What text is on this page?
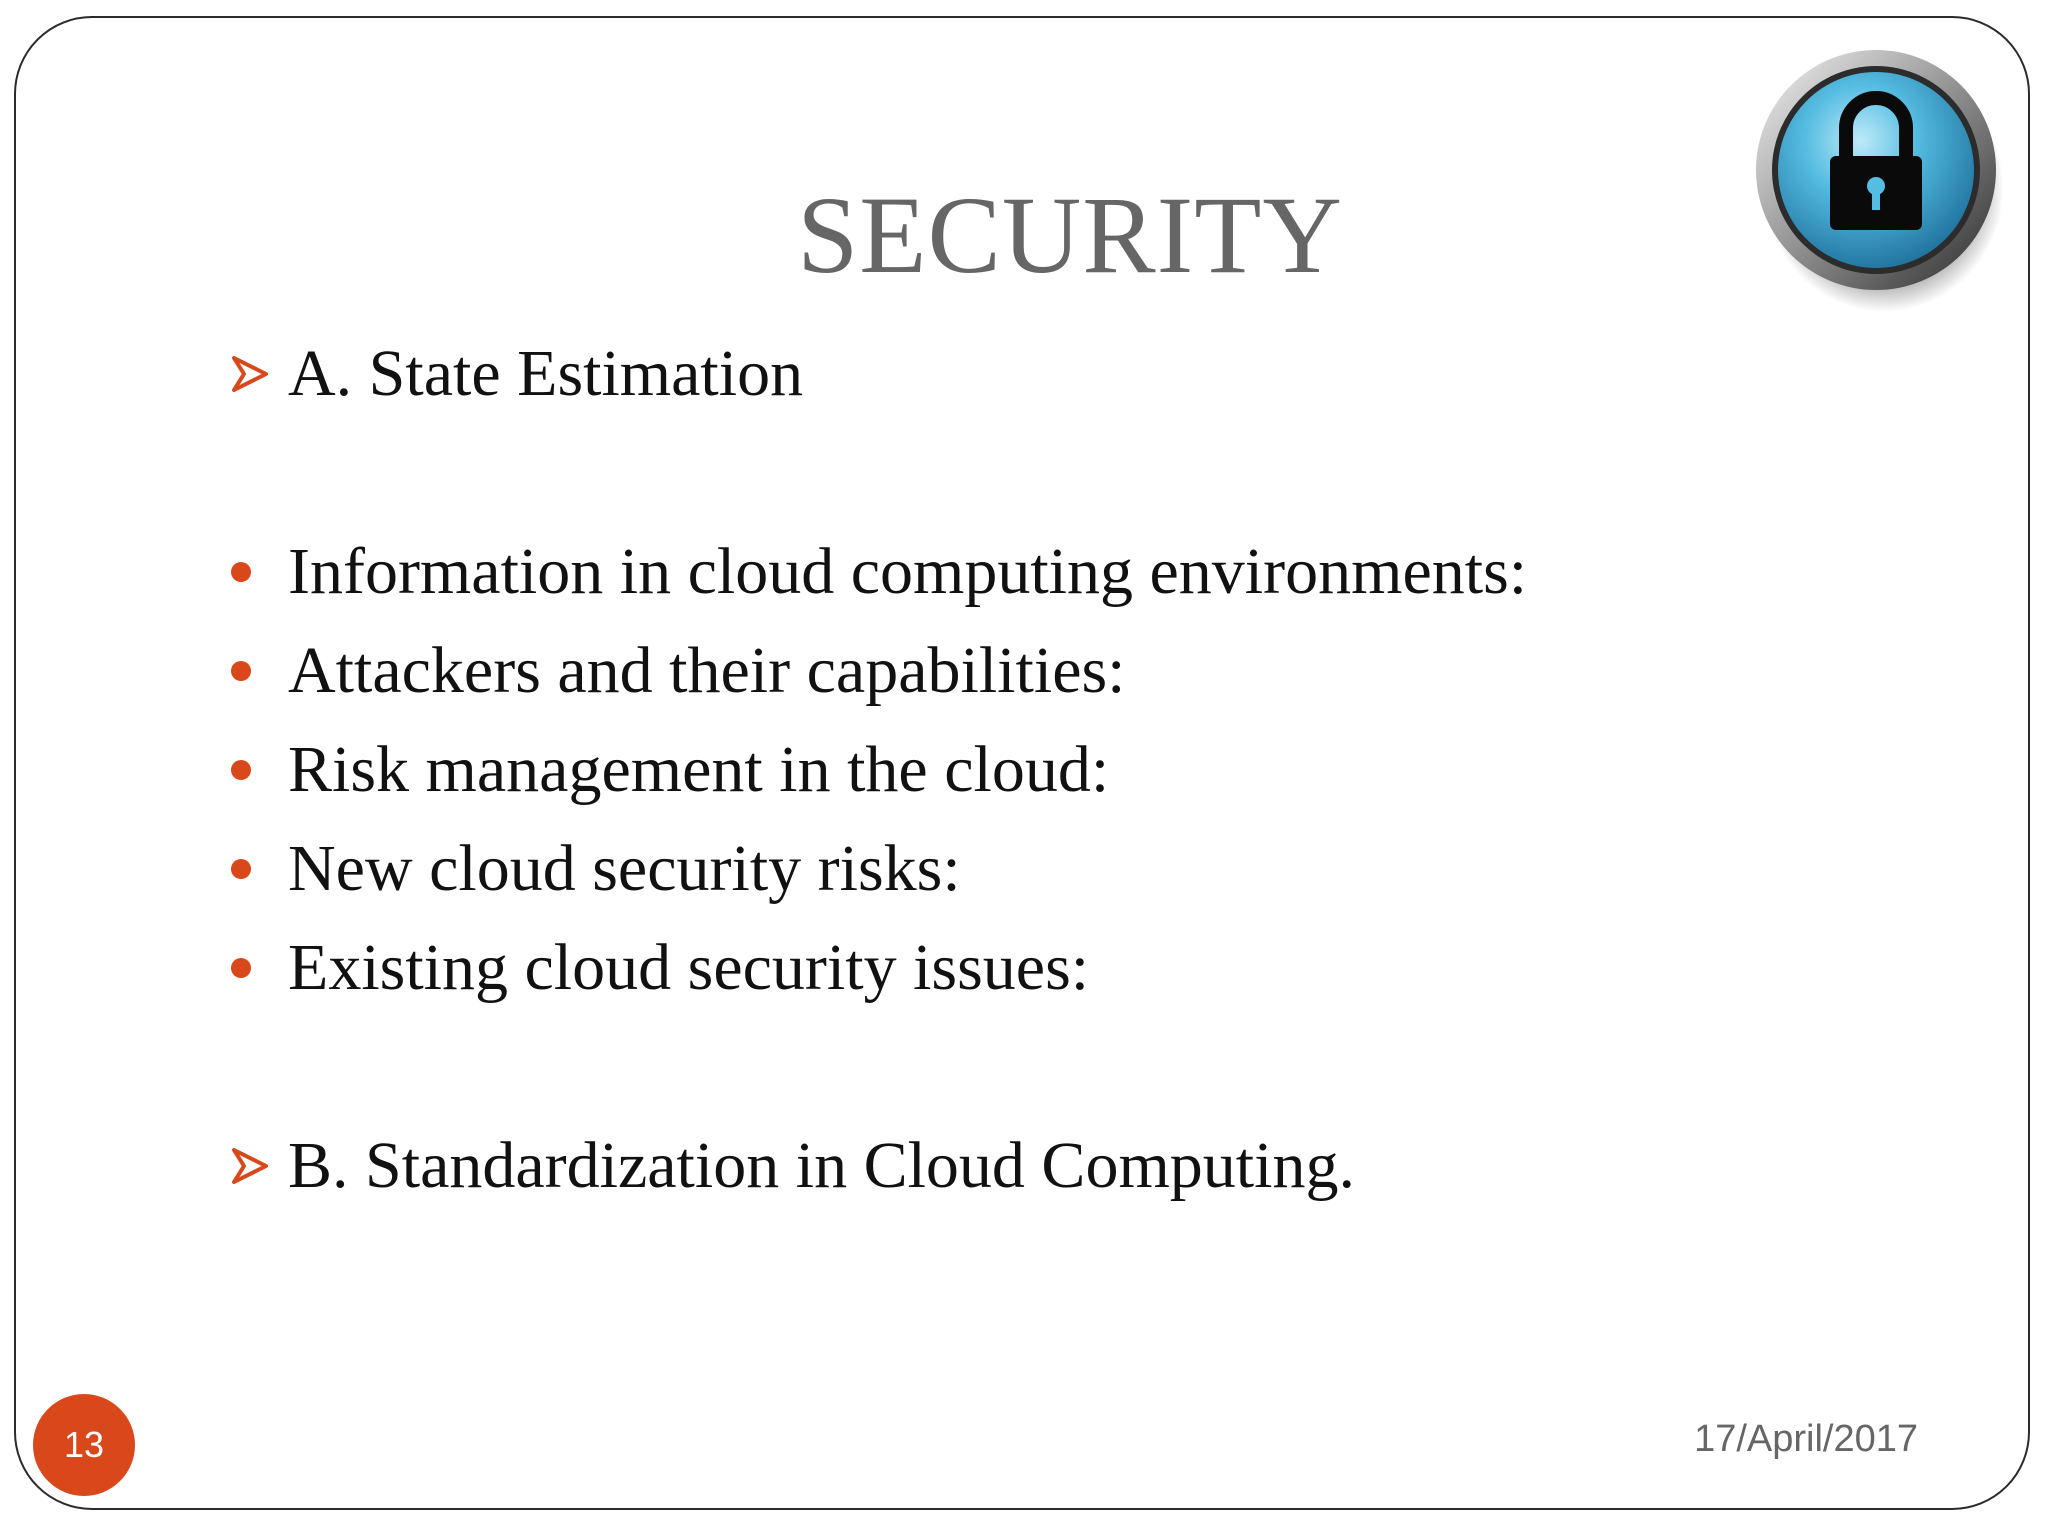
SECURITY
A. State Estimation
Information in cloud computing environments:
Attackers and their capabilities:
Risk management in the cloud:
New cloud security risks:
Existing cloud security issues:
B. Standardization in Cloud Computing.
13	17/April/2017
